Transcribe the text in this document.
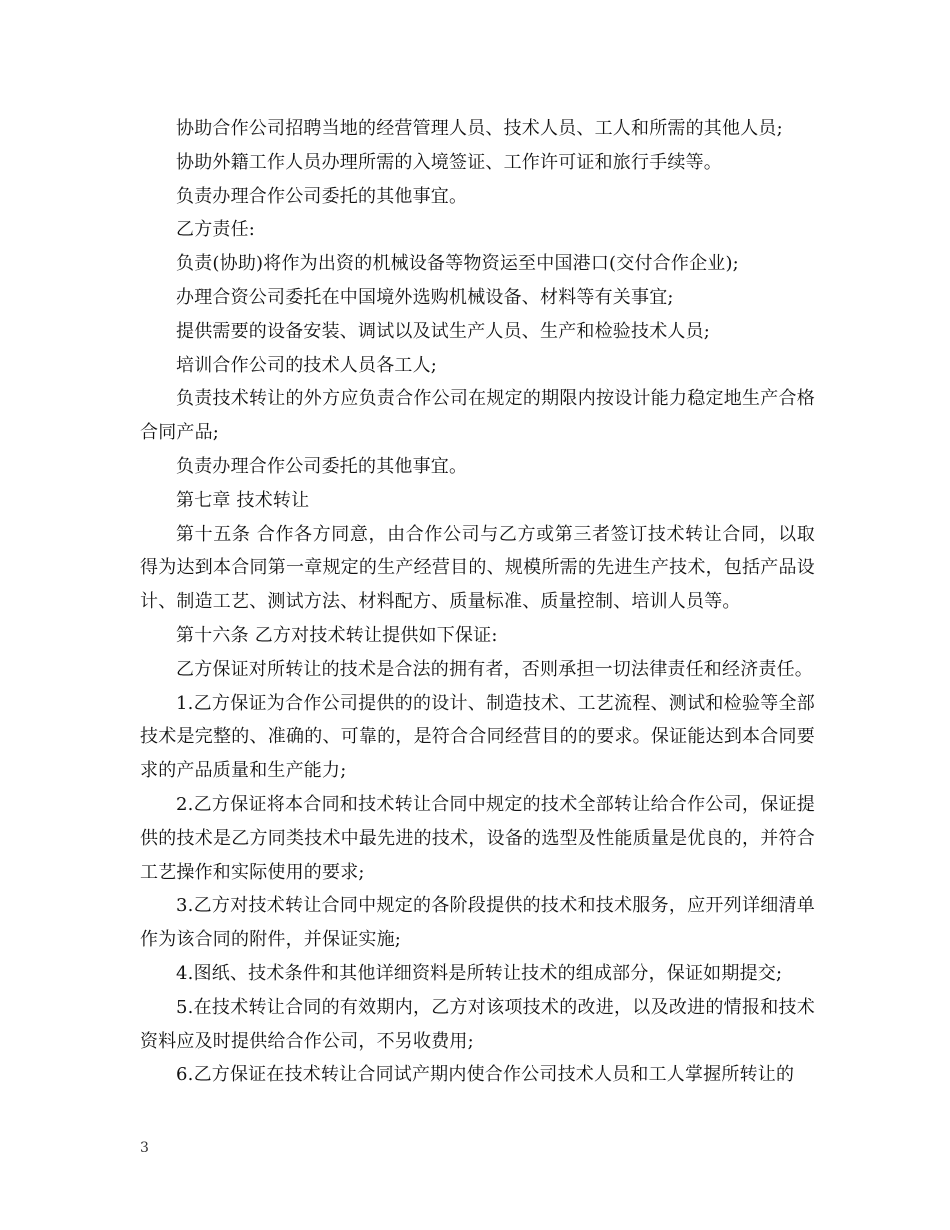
协助合作公司招聘当地的经营管理人员、技术人员、工人和所需的其他人员;

协助外籍工作人员办理所需的入境签证、工作许可证和旅行手续等。

负责办理合作公司委托的其他事宜。

乙方责任:

负责(协助)将作为出资的机械设备等物资运至中国港口(交付合作企业);

办理合资公司委托在中国境外选购机械设备、材料等有关事宜;

提供需要的设备安装、调试以及试生产人员、生产和检验技术人员;

培训合作公司的技术人员各工人;

负责技术转让的外方应负责合作公司在规定的期限内按设计能力稳定地生产合格合同产品;

负责办理合作公司委托的其他事宜。

第七章 技术转让

第十五条 合作各方同意，由合作公司与乙方或第三者签订技术转让合同，以取得为达到本合同第一章规定的生产经营目的、规模所需的先进生产技术，包括产品设计、制造工艺、测试方法、材料配方、质量标准、质量控制、培训人员等。

第十六条 乙方对技术转让提供如下保证:

乙方保证对所转让的技术是合法的拥有者，否则承担一切法律责任和经济责任。

1.乙方保证为合作公司提供的的设计、制造技术、工艺流程、测试和检验等全部技术是完整的、准确的、可靠的，是符合合同经营目的的要求。保证能达到本合同要求的产品质量和生产能力;

2.乙方保证将本合同和技术转让合同中规定的技术全部转让给合作公司，保证提供的技术是乙方同类技术中最先进的技术，设备的选型及性能质量是优良的，并符合工艺操作和实际使用的要求;

3.乙方对技术转让合同中规定的各阶段提供的技术和技术服务，应开列详细清单作为该合同的附件，并保证实施;

4.图纸、技术条件和其他详细资料是所转让技术的组成部分，保证如期提交;

5.在技术转让合同的有效期内，乙方对该项技术的改进，以及改进的情报和技术资料应及时提供给合作公司，不另收费用;

6.乙方保证在技术转让合同试产期内使合作公司技术人员和工人掌握所转让的

3
